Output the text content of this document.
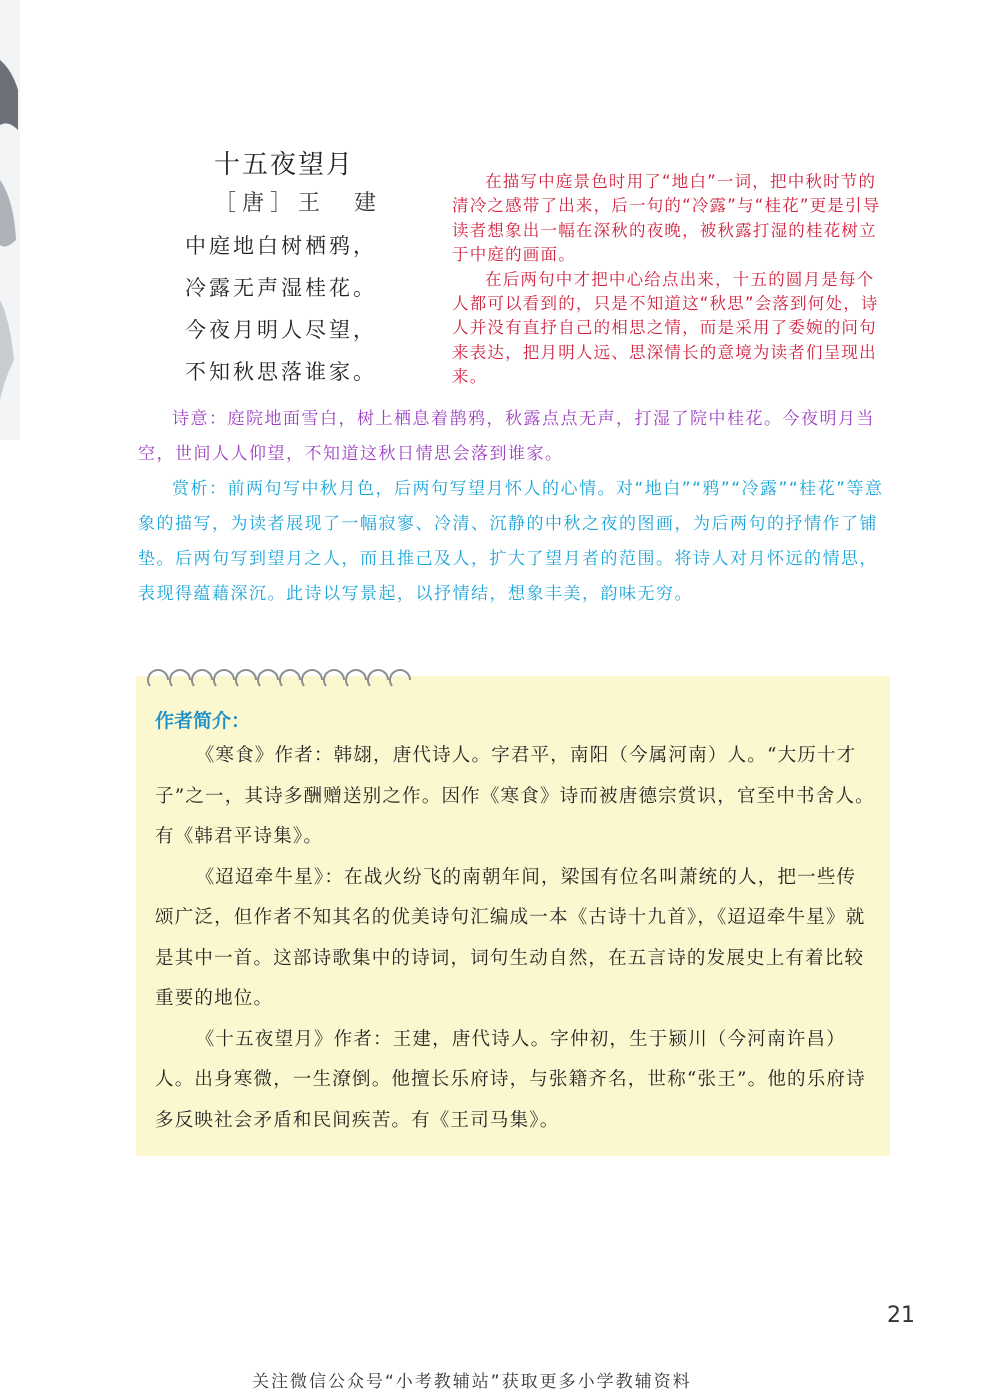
十五夜望月
［唐］王　建
中庭地白树栖鸦，
冷露无声湿桂花。
今夜月明人尽望，
不知秋思落谁家。

在描写中庭景色时用了“地白”一词，把中秋时节的清冷之感带了出来，后一句的“冷露”与“桂花”更是引导读者想象出一幅在深秋的夜晚，被秋露打湿的桂花树立于中庭的画面。

在后两句中才把中心给点出来，十五的圆月是每个人都可以看到的，只是不知道这“秋思”会落到何处，诗人并没有直抒自己的相思之情，而是采用了委婉的问句来表达，把月明人远、思深情长的意境为读者们呈现出来。

诗意：庭院地面雪白，树上栖息着鹊鸦，秋露点点无声，打湿了院中桂花。今夜明月当空，世间人人仰望，不知道这秋日情思会落到谁家。

赏析：前两句写中秋月色，后两句写望月怀人的心情。对“地白”“鸦”“冷露”“桂花”等意象的描写，为读者展现了一幅寂寥、冷清、沉静的中秋之夜的图画，为后两句的抒情作了铺垫。后两句写到望月之人，而且推己及人，扩大了望月者的范围。将诗人对月怀远的情思，表现得蕴藉深沉。此诗以写景起，以抒情结，想象丰美，韵味无穷。

作者简介：

《寒食》作者：韩翃，唐代诗人。字君平，南阳（今属河南）人。“大历十才子”之一，其诗多酬赠送别之作。因作《寒食》诗而被唐德宗赏识，官至中书舍人。有《韩君平诗集》。

《迢迢牵牛星》：在战火纷飞的南朝年间，梁国有位名叫萧统的人，把一些传颂广泛，但作者不知其名的优美诗句汇编成一本《古诗十九首》，《迢迢牵牛星》就是其中一首。这部诗歌集中的诗词，词句生动自然，在五言诗的发展史上有着比较重要的地位。

《十五夜望月》作者：王建，唐代诗人。字仲初，生于颍川（今河南许昌）人。出身寒微，一生潦倒。他擅长乐府诗，与张籍齐名，世称“张王”。他的乐府诗多反映社会矛盾和民间疾苦。有《王司马集》。

21
关注微信公众号“小考教辅站”获取更多小学教辅资料
